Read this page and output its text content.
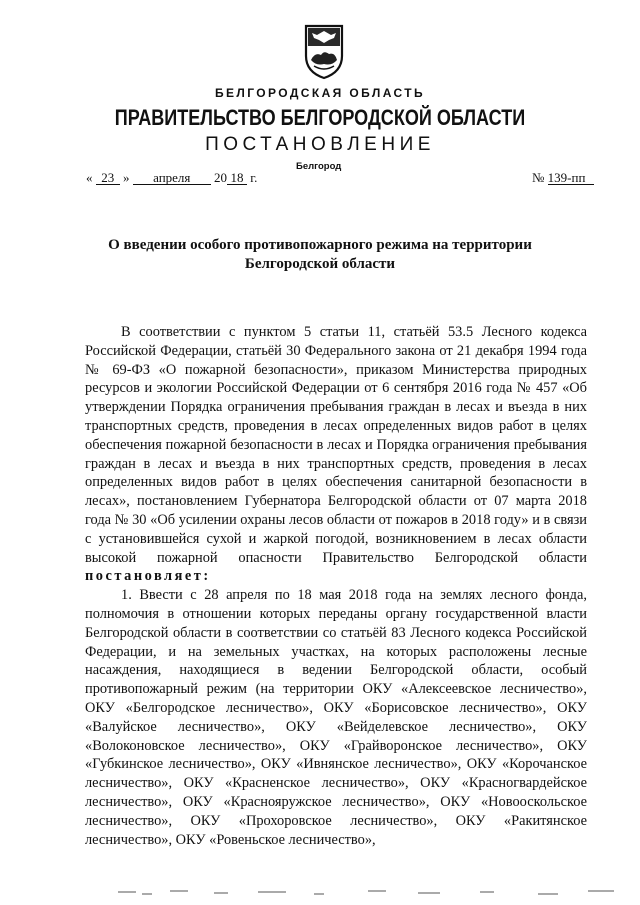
БЕЛГОРОДСКАЯ ОБЛАСТЬ
ПРАВИТЕЛЬСТВО БЕЛГОРОДСКОЙ ОБЛАСТИ
ПОСТАНОВЛЕНИЕ
Белгород
« 23 » апреля 20 18 г.	№ 139-пп
О введении особого противопожарного режима на территории Белгородской области

В соответствии с пунктом 5 статьи 11, статьёй 53.5 Лесного кодекса Российской Федерации, статьёй 30 Федерального закона от 21 декабря 1994 года № 69-ФЗ «О пожарной безопасности», приказом Министерства природных ресурсов и экологии Российской Федерации от 6 сентября 2016 года № 457 «Об утверждении Порядка ограничения пребывания граждан в лесах и въезда в них транспортных средств, проведения в лесах определенных видов работ в целях обеспечения пожарной безопасности в лесах и Порядка ограничения пребывания граждан в лесах и въезда в них транспортных средств, проведения в лесах определенных видов работ в целях обеспечения санитарной безопасности в лесах», постановлением Губернатора Белгородской области от 07 марта 2018 года № 30 «Об усилении охраны лесов области от пожаров в 2018 году» и в связи с установившейся сухой и жаркой погодой, возникновением в лесах области высокой пожарной опасности Правительство Белгородской области постановляет:

1. Ввести с 28 апреля по 18 мая 2018 года на землях лесного фонда, полномочия в отношении которых переданы органу государственной власти Белгородской области в соответствии со статьёй 83 Лесного кодекса Российской Федерации, и на земельных участках, на которых расположены лесные насаждения, находящиеся в ведении Белгородской области, особый противопожарный режим (на территории ОКУ «Алексеевское лесничество», ОКУ «Белгородское лесничество», ОКУ «Борисовское лесничество», ОКУ «Валуйское лесничество», ОКУ «Вейделевское лесничество», ОКУ «Волоконовское лесничество», ОКУ «Грайворонское лесничество», ОКУ «Губкинское лесничество», ОКУ «Ивнянское лесничество», ОКУ «Корочанское лесничество», ОКУ «Красненское лесничество», ОКУ «Красногвардейское лесничество», ОКУ «Краснояружское лесничество», ОКУ «Новооскольское лесничество», ОКУ «Прохоровское лесничество», ОКУ «Ракитянское лесничество», ОКУ «Ровеньское лесничество»,
